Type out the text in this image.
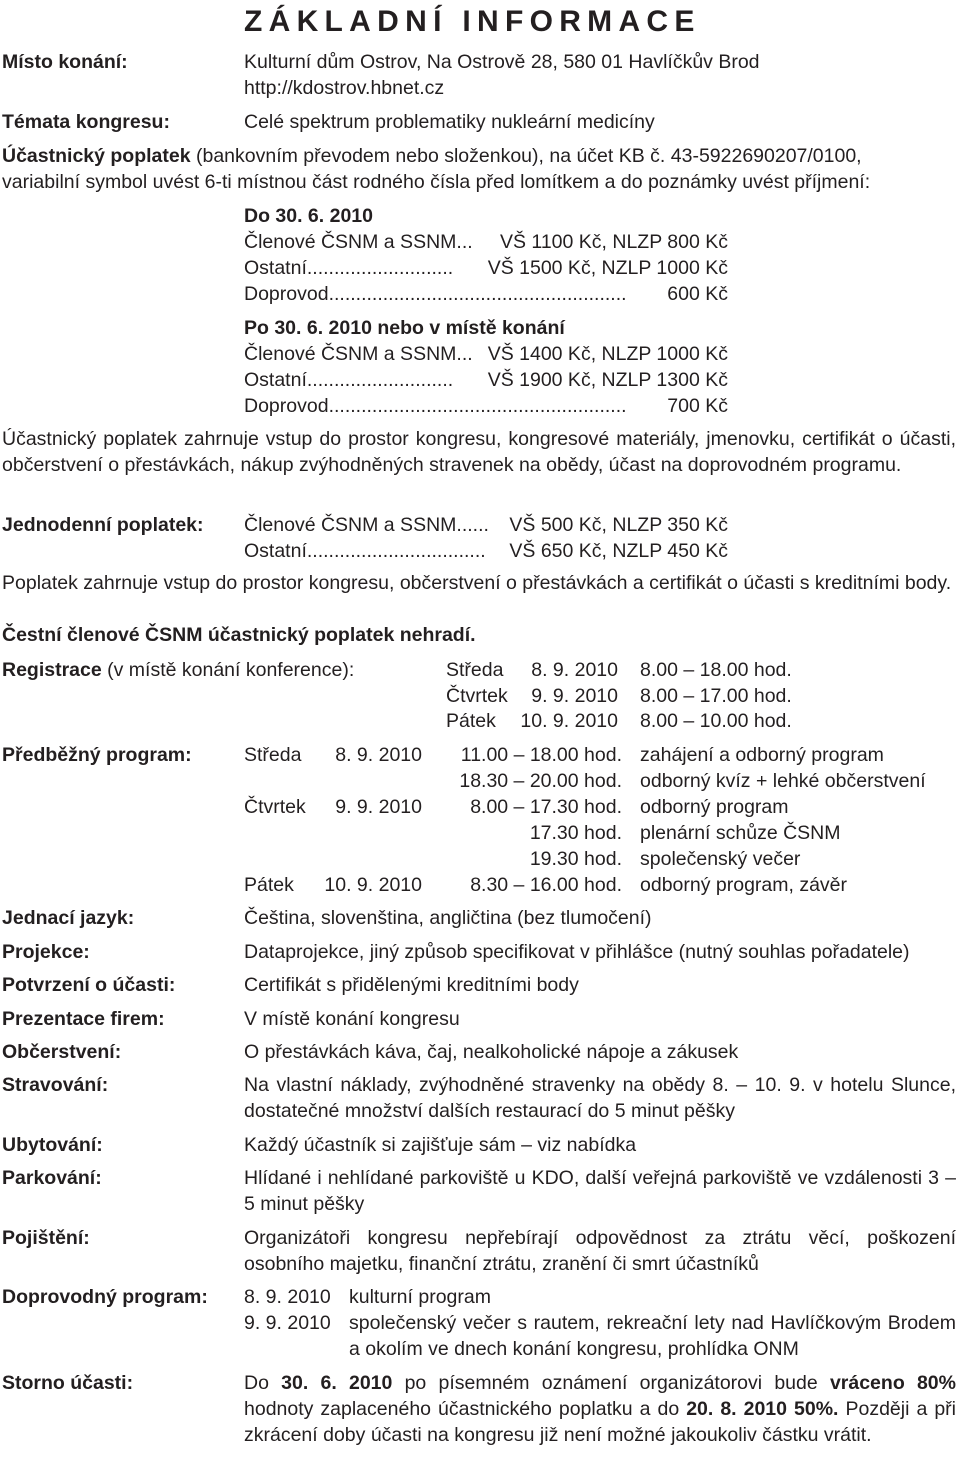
ZÁKLADNÍ INFORMACE
Místo konání:	Kulturní dům Ostrov, Na Ostrově 28, 580 01 Havlíčkův Brod
http://kdostrov.hbnet.cz
Témata kongresu:	Celé spektrum problematiky nukleární medicíny
Účastnický poplatek (bankovním převodem nebo složenkou), na účet KB č. 43-5922690207/0100,
variabilní symbol uvést 6-ti místnou část rodného čísla před lomítkem a do poznámky uvést příjmení:
Do 30. 6. 2010
Členové ČSNM a SSNM...	VŠ 1100 Kč, NLZP 800 Kč
Ostatní...........................	VŠ 1500 Kč, NZLP 1000 Kč
Doprovod.......................................................	600 Kč
Po 30. 6. 2010 nebo v místě konání
Členové ČSNM a SSNM... VŠ 1400 Kč, NLZP 1000 Kč
Ostatní...........................	VŠ 1900 Kč, NZLP 1300 Kč
Doprovod.......................................................	700 Kč
Účastnický poplatek zahrnuje vstup do prostor kongresu, kongresové materiály, jmenovku, certifikát o účasti, občerstvení o přestávkách, nákup zvýhodněných stravenek na obědy, účast na doprovodném programu.
Jednodenní poplatek: Členové ČSNM a SSNM......	VŠ 500 Kč, NLZP 350 Kč
Ostatní.................................	VŠ 650 Kč, NZLP 450 Kč
Poplatek zahrnuje vstup do prostor kongresu, občerstvení o přestávkách a certifikát o účasti s kreditními body.
Čestní členové ČSNM účastnický poplatek nehradí.
Registrace (v místě konání konference):	Středa	8. 9. 2010 8.00 – 18.00 hod.
Čtvrtek	9. 9. 2010 8.00 – 17.00 hod.
Pátek 10. 9. 2010 8.00 – 10.00 hod.
Předběžný program:	Středa	8. 9. 2010	11.00 – 18.00 hod. zahájení a odborný program
18.30 – 20.00 hod. odborný kvíz + lehké občerstvení
Čtvrtek	9. 9. 2010	8.00 – 17.30 hod. odborný program
17.30 hod. plenární schůze ČSNM
19.30 hod. společenský večer
Pátek	10. 9. 2010	8.30 – 16.00 hod. odborný program, závěr
Jednací jazyk:	Čeština, slovenština, angličtina (bez tlumočení)
Projekce:	Dataprojekce, jiný způsob specifikovat v přihlášce (nutný souhlas pořadatele)
Potvrzení o účasti:	Certifikát s přidělenými kreditními body
Prezentace firem:	V místě konání kongresu
Občerstvení:	O přestávkách káva, čaj, nealkoholické nápoje a zákusek
Stravování:	Na vlastní náklady, zvýhodněné stravenky na obědy 8. – 10. 9. v hotelu Slunce, dostatečné množství dalších restaurací do 5 minut pěšky
Ubytování:	Každý účastník si zajišťuje sám – viz nabídka
Parkování:	Hlídané i nehlídané parkoviště u KDO, další veřejná parkoviště ve vzdálenosti 3 – 5 minut pěšky
Pojištění:	Organizátoři kongresu nepřebírají odpovědnost za ztrátu věcí, poškození osobního majetku, finanční ztrátu, zranění či smrt účastníků
Doprovodný program: 8. 9. 2010 kulturní program
9. 9. 2010 společenský večer s rautem, rekreační lety nad Havlíčkovým Brodem a okolím ve dnech konání kongresu, prohlídka ONM
Storno účasti:	Do 30. 6. 2010 po písemném oznámení organizátorovi bude vráceno 80% hodnoty zaplaceného účastnického poplatku a do 20. 8. 2010 50%. Později a při zkrácení doby účasti na kongresu již není možné jakoukoliv částku vrátit.
